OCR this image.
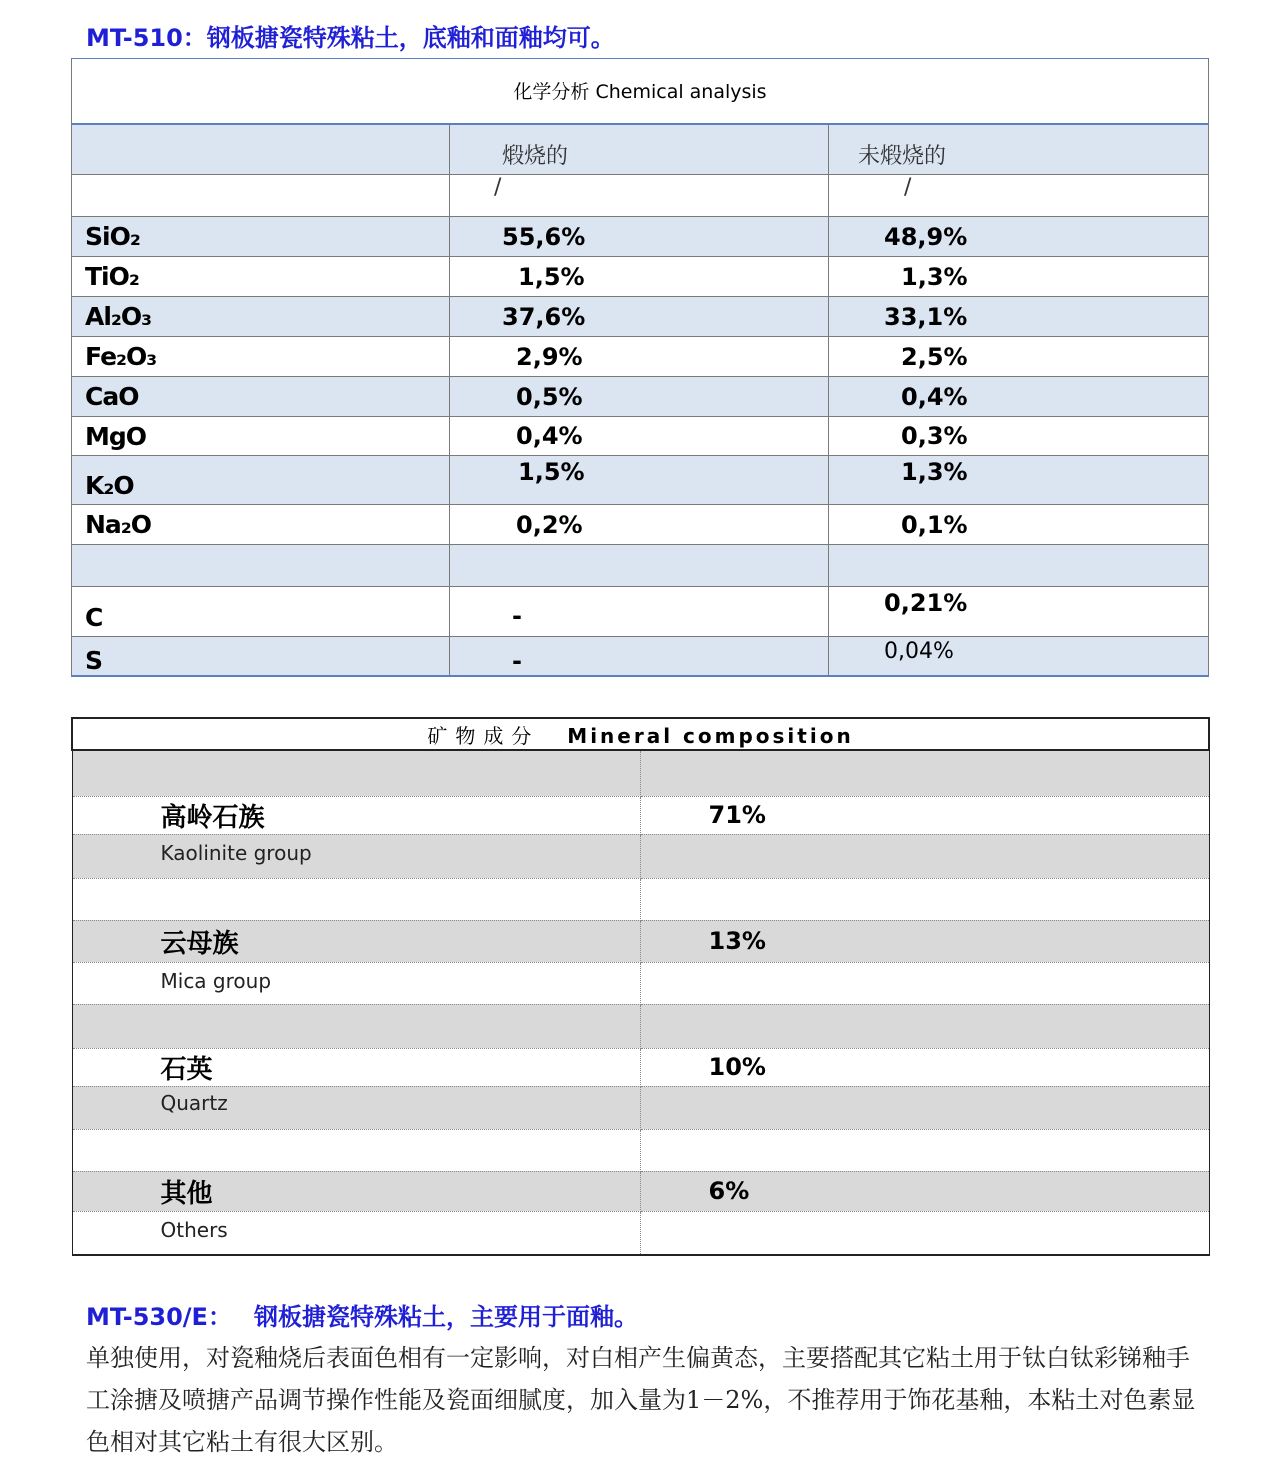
MT-510：钢板搪瓷特殊粘土，底釉和面釉均可。
化学分析 Chemical analysis		
	煅烧的	未煅烧的
	/	/
SiO₂	55,6%	48,9%
TiO₂	1,5%	1,3%
Al₂O₃	37,6%	33,1%
Fe₂O₃	2,9%	2,5%
CaO	0,5%	0,4%
MgO	0,4%	0,3%
K₂O	1,5%	1,3%
Na₂O	0,2%	0,1%

C	-	0,21%
S	-	0,04%
矿物成分 Mineral composition	

高岭石族	71%
Kaolinite group	

云母族	13%
Mica group	

石英	10%
Quartz	

其他	6%
Others	
MT-530/E： 钢板搪瓷特殊粘土，主要用于面釉。
单独使用，对瓷釉烧后表面色相有一定影响，对白相产生偏黄态，主要搭配其它粘土用于钛白钛彩锑釉手工涂搪及喷搪产品调节操作性能及瓷面细腻度，加入量为1－2%，不推荐用于饰花基釉，本粘土对色素显色相对其它粘土有很大区别。
